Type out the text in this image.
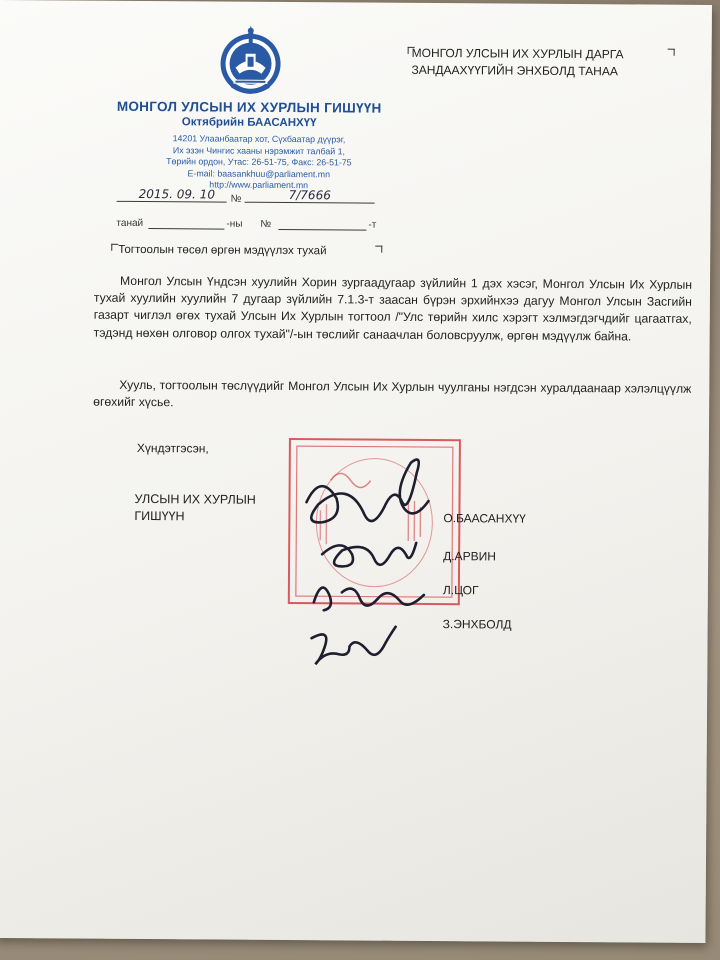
МОНГОЛ УЛСЫН ИХ ХУРЛЫН ГИШҮҮН
Октябрийн БААСАНХҮҮ
14201 Улаанбаатар хот, Сүхбаатар дүүрэг,
Их эзэн Чингис хааны нэрэмжит талбай 1,
Төрийн ордон, Утас: 26-51-75, Факс: 26-51-75
E-mail: baasankhuu@parliament.mn
http://www.parliament.mn
МОНГОЛ УЛСЫН ИХ ХУРЛЫН ДАРГА
ЗАНДААХҮҮГИЙН ЭНХБОЛД ТАНАА
2015. 09. 10 №	7/7666
танай	-ны №	-т
Тогтоолын төсөл өргөн мэдүүлэх тухай
Монгол Улсын Үндсэн хуулийн Хорин зургаадугаар зүйлийн 1 дэх хэсэг, Монгол Улсын Их Хурлын тухай хуулийн хуулийн 7 дугаар зүйлийн 7.1.3-т заасан бүрэн эрхийнхээ дагуу Монгол Улсын Засгийн газарт чиглэл өгөх тухай Улсын Их Хурлын тогтоол /"Улс төрийн хилс хэрэгт хэлмэгдэгчдийг цагаатгах, тэдэнд нөхөн олговор олгох тухай"/-ын төслийг санаачлан боловсруулж, өргөн мэдүүлж байна.
Хууль, тогтоолын төслүүдийг Монгол Улсын Их Хурлын чуулганы нэгдсэн хуралдаанаар хэлэлцүүлж өгөхийг хүсье.
Хүндэтгэсэн,
УЛСЫН ИХ ХУРЛЫН ГИШҮҮН	О.БААСАНХҮҮ
Д.АРВИН
Л.ЦОГ
З.ЭНХБОЛД
